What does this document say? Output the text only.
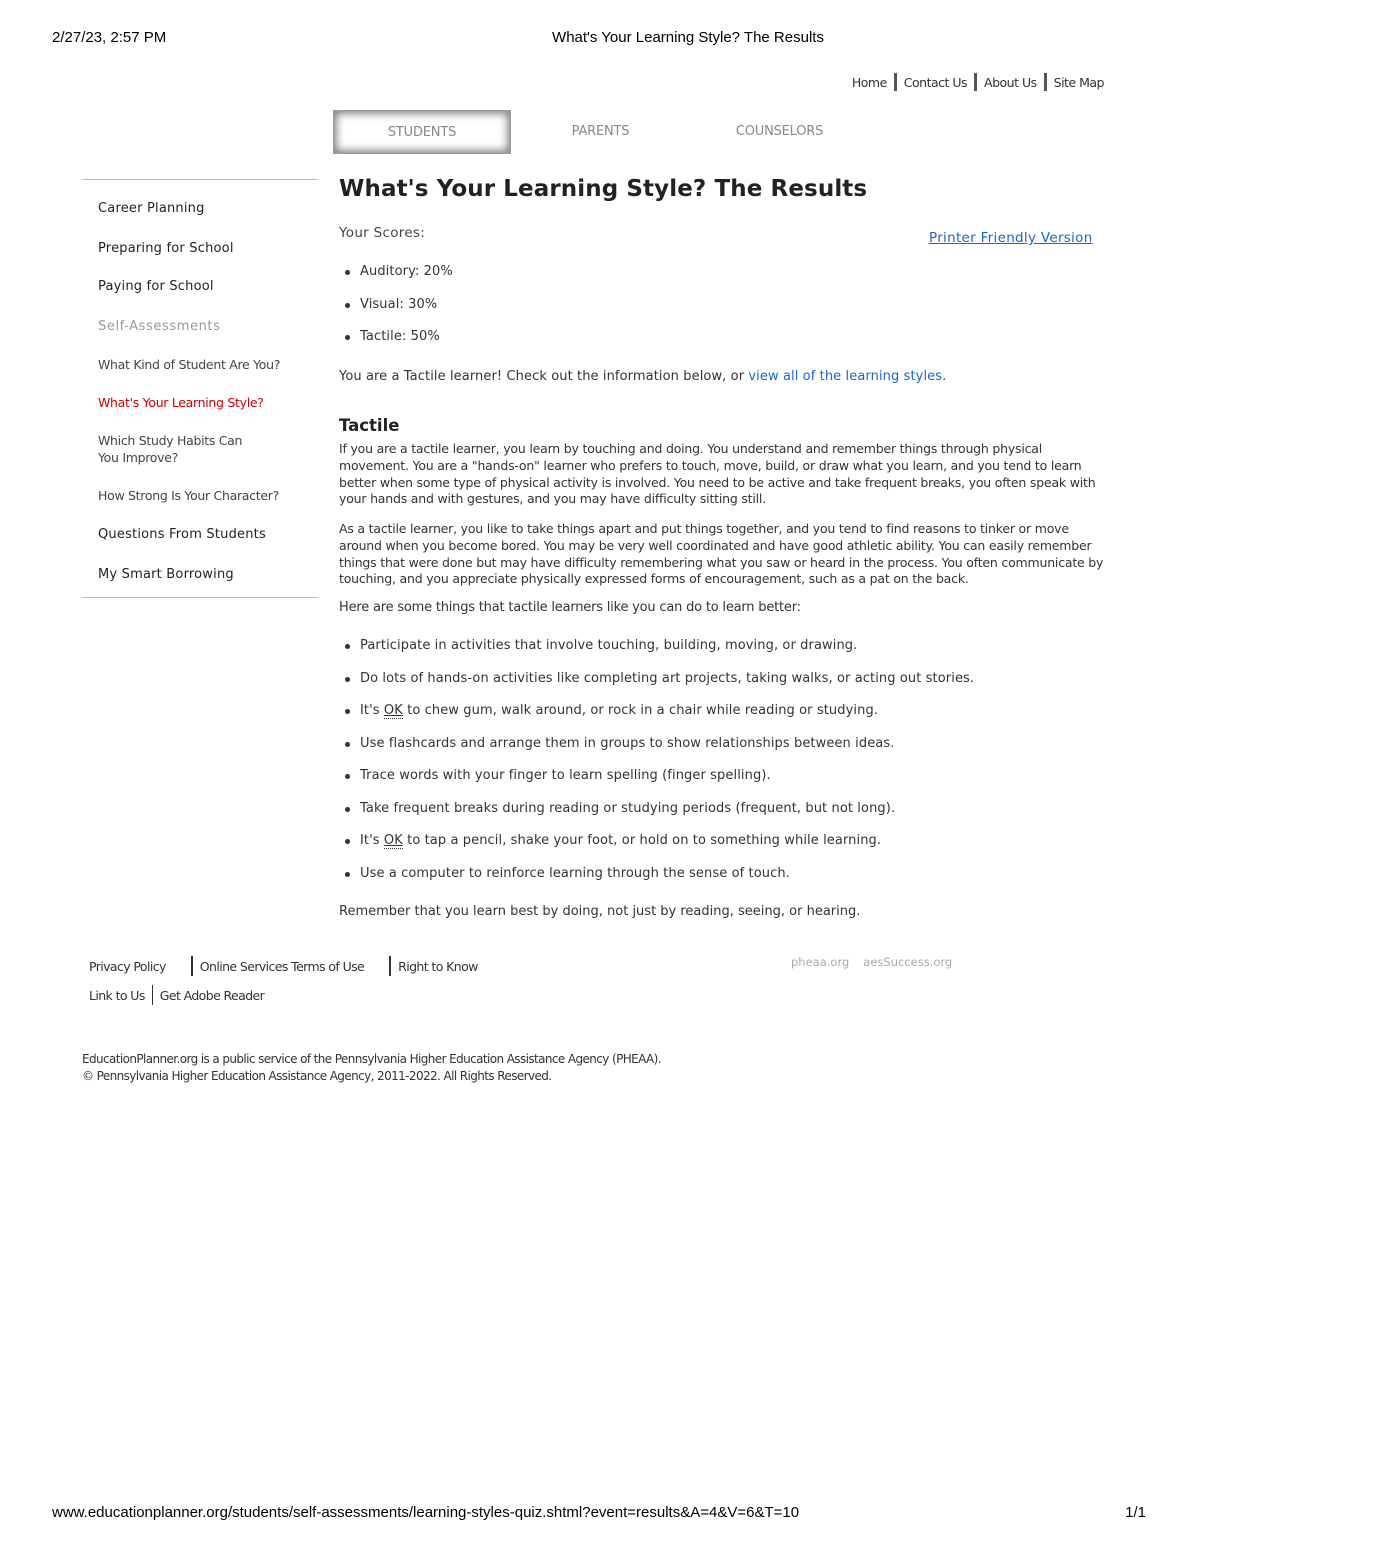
2/27/23, 2:57 PM	What's Your Learning Style? The Results
Home	Contact Us	About Us	Site Map
STUDENTS	PARENTS	COUNSELORS
Career Planning
Preparing for School
Paying for School
Self-Assessments
What Kind of Student Are You?
What's Your Learning Style?
Which Study Habits Can You Improve?
How Strong Is Your Character?
Questions From Students
My Smart Borrowing
What's Your Learning Style? The Results
Your Scores:	Printer Friendly Version
Auditory: 20%
Visual: 30%
Tactile: 50%

You are a Tactile learner! Check out the information below, or view all of the learning styles.

Tactile

If you are a tactile learner, you learn by touching and doing. You understand and remember things through physical movement. You are a "hands-on" learner who prefers to touch, move, build, or draw what you learn, and you tend to learn better when some type of physical activity is involved. You need to be active and take frequent breaks, you often speak with your hands and with gestures, and you may have difficulty sitting still.

As a tactile learner, you like to take things apart and put things together, and you tend to find reasons to tinker or move around when you become bored. You may be very well coordinated and have good athletic ability. You can easily remember things that were done but may have difficulty remembering what you saw or heard in the process. You often communicate by touching, and you appreciate physically expressed forms of encouragement, such as a pat on the back.

Here are some things that tactile learners like you can do to learn better:

Participate in activities that involve touching, building, moving, or drawing.
Do lots of hands-on activities like completing art projects, taking walks, or acting out stories.
It's OK to chew gum, walk around, or rock in a chair while reading or studying.
Use flashcards and arrange them in groups to show relationships between ideas.
Trace words with your finger to learn spelling (finger spelling).
Take frequent breaks during reading or studying periods (frequent, but not long).
It's OK to tap a pencil, shake your foot, or hold on to something while learning.
Use a computer to reinforce learning through the sense of touch.

Remember that you learn best by doing, not just by reading, seeing, or hearing.

Privacy Policy	Online Services Terms of Use	Right to Know
Link to Us	Get Adobe Reader
pheaa.org aesSuccess.org
EducationPlanner.org is a public service of the Pennsylvania Higher Education Assistance Agency (PHEAA).
© Pennsylvania Higher Education Assistance Agency, 2011-2022. All Rights Reserved.
www.educationplanner.org/students/self-assessments/learning-styles-quiz.shtml?event=results&A=4&V=6&T=10	1/1
